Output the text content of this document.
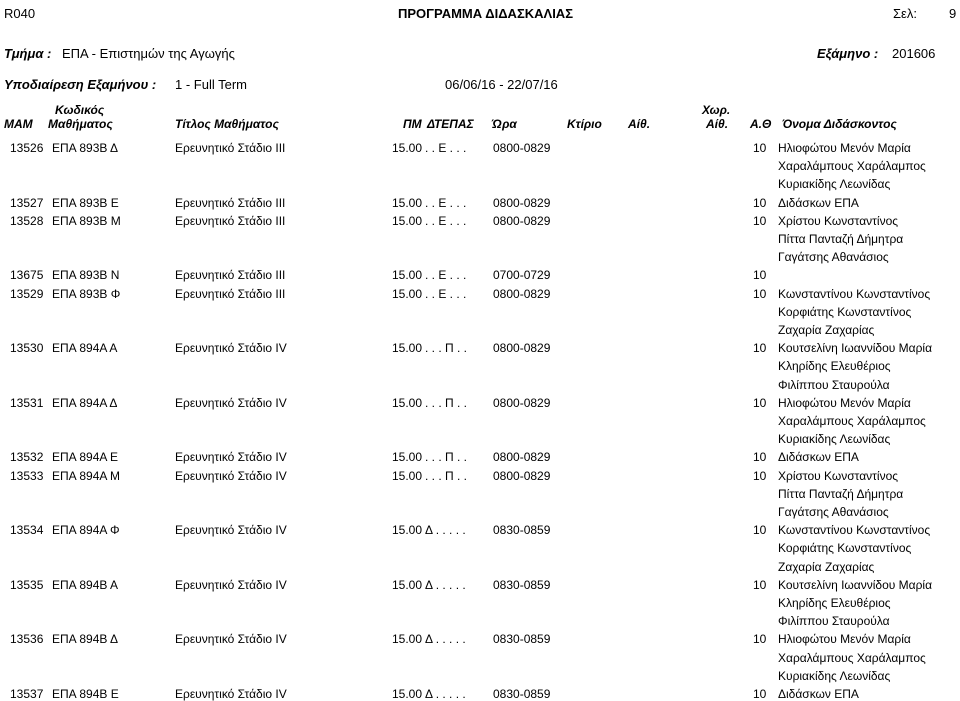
R040	ΠΡΟΓΡΑΜΜΑ ΔΙΔΑΣΚΑΛΙΑΣ	Σελ: 9
Τμήμα : ΕΠΑ - Επιστημών της Αγωγής	Εξάμηνο : 201606
Υποδιαίρεση Εξαμήνου : 1 - Full Term	06/06/16 - 22/07/16
ΜΑΜ
Κωδικός
Μαθήματος	Τίτλος Μαθήματος	ΠΜ ΔΤΕΠΑΣ Ώρα	Κτίριο Αίθ.
Χωρ.
Αίθ. Α.Θ Όνομα Διδάσκοντος
13526 ΕΠΑ 893Β Δ	Ερευνητικό Στάδιο ΙΙΙ	15.00 . . Ε . . . 0800-0829	10 Ηλιοφώτου Μενόν Μαρία
Χαραλάμπους Χαράλαμπος
Κυριακίδης Λεωνίδας
13527 ΕΠΑ 893Β Ε	Ερευνητικό Στάδιο ΙΙΙ	15.00 . . Ε . . . 0800-0829	10 Διδάσκων ΕΠΑ
13528 ΕΠΑ 893Β Μ	Ερευνητικό Στάδιο ΙΙΙ	15.00 . . Ε . . . 0800-0829	10 Χρίστου Κωνσταντίνος
Πίττα Πανταζή Δήμητρα
Γαγάτσης Αθανάσιος
13675 ΕΠΑ 893Β Ν	Ερευνητικό Στάδιο ΙΙΙ	15.00 . . Ε . . . 0700-0729	10
13529 ΕΠΑ 893Β Φ	Ερευνητικό Στάδιο ΙΙΙ	15.00 . . Ε . . . 0800-0829	10 Κωνσταντίνου Κωνσταντίνος
Κορφιάτης Κωνσταντίνος
Ζαχαρία Ζαχαρίας
13530 ΕΠΑ 894Α Α	Ερευνητικό Στάδιο ΙV	15.00 . . . Π . . 0800-0829	10 Κουτσελίνη Ιωαννίδου Μαρία
Κληρίδης Ελευθέριος
Φιλίππου Σταυρούλα
13531 ΕΠΑ 894Α Δ	Ερευνητικό Στάδιο ΙV	15.00 . . . Π . . 0800-0829	10 Ηλιοφώτου Μενόν Μαρία
Χαραλάμπους Χαράλαμπος
Κυριακίδης Λεωνίδας
13532 ΕΠΑ 894Α Ε	Ερευνητικό Στάδιο ΙV	15.00 . . . Π . . 0800-0829	10 Διδάσκων ΕΠΑ
13533 ΕΠΑ 894Α Μ	Ερευνητικό Στάδιο ΙV	15.00 . . . Π . . 0800-0829	10 Χρίστου Κωνσταντίνος
Πίττα Πανταζή Δήμητρα
Γαγάτσης Αθανάσιος
13534 ΕΠΑ 894Α Φ	Ερευνητικό Στάδιο ΙV	15.00 Δ . . . . . 0830-0859	10 Κωνσταντίνου Κωνσταντίνος
Κορφιάτης Κωνσταντίνος
Ζαχαρία Ζαχαρίας
13535 ΕΠΑ 894Β Α	Ερευνητικό Στάδιο ΙV	15.00 Δ . . . . . 0830-0859	10 Κουτσελίνη Ιωαννίδου Μαρία
Κληρίδης Ελευθέριος
Φιλίππου Σταυρούλα
13536 ΕΠΑ 894Β Δ	Ερευνητικό Στάδιο ΙV	15.00 Δ . . . . . 0830-0859	10 Ηλιοφώτου Μενόν Μαρία
Χαραλάμπους Χαράλαμπος
Κυριακίδης Λεωνίδας
13537 ΕΠΑ 894Β Ε	Ερευνητικό Στάδιο ΙV	15.00 Δ . . . . . 0830-0859	10 Διδάσκων ΕΠΑ
